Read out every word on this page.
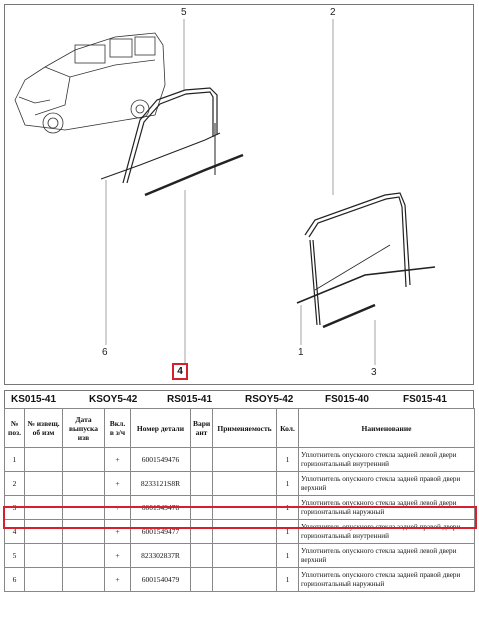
5	2
6	1
3
4
KS015-41	KSOY5-42	RS015-41	RSOY5-42	FS015-40	FS015-41
№ поз.	№ извещ. об изм	Дата выпуска изв	Вкл. в з/ч	Номер детали	Вари ант	Применяемость	Кол.	Наименование
1			+	6001549476			1	Уплотнитель опускного стекла задней левой двери горизонтальный внутренний
2			+	8233121S8R			1	Уплотнитель опускного стекла задней правой двери верхний
3			+	6001549478			1	Уплотнитель опускного стекла задней левой двери горизонтальный наружный
4			+	6001549477			1	Уплотнитель опускного стекла задней правой двери горизонтальный внутренний
5			+	823302837R			1	Уплотнитель опускного стекла задней левой двери верхний
6			+	6001540479			1	Уплотнитель опускного стекла задней правой двери горизонтальный наружный
